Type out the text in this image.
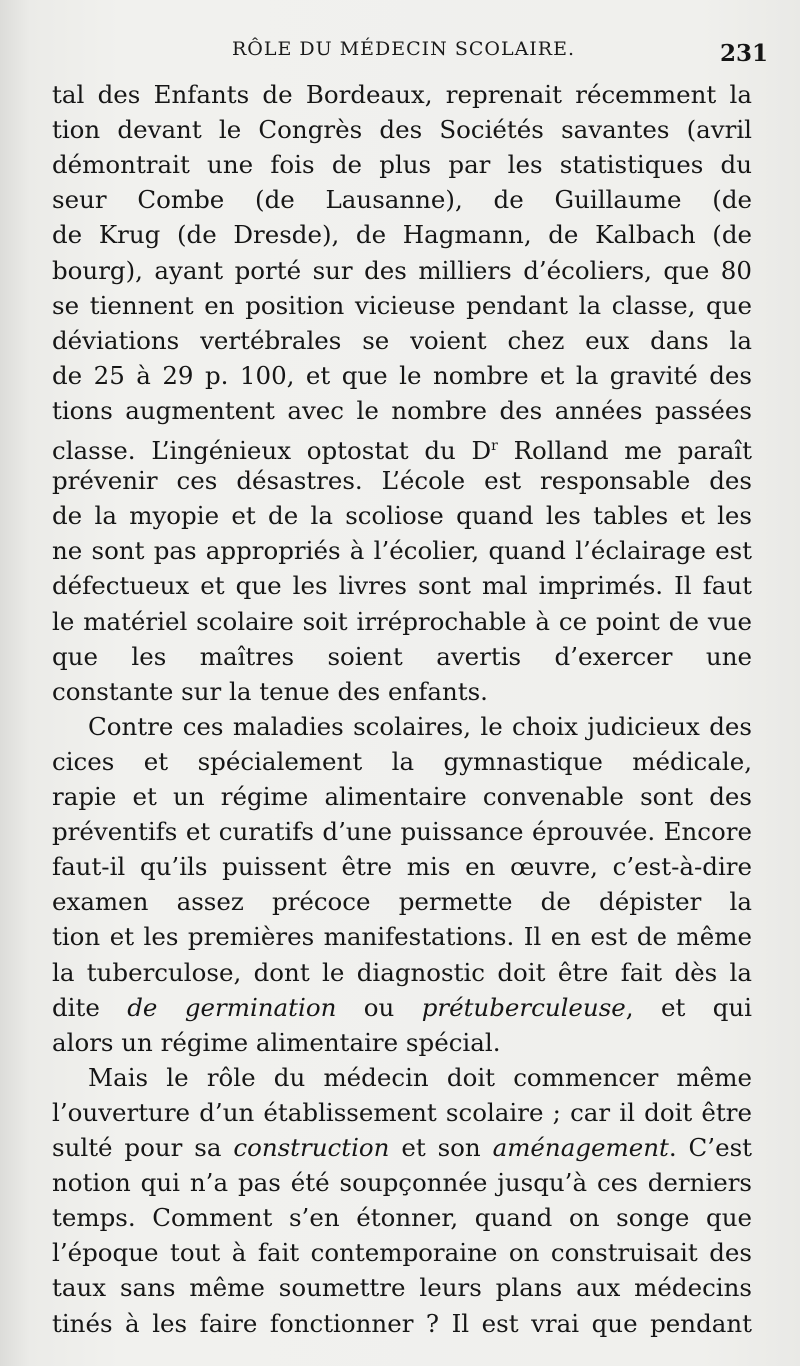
RÔLE DU MÉDECIN SCOLAIRE.	231
tal des Enfants de Bordeaux, reprenait récemment la
tion devant le Congrès des Sociétés savantes (avril
démontrait une fois de plus par les statistiques du
seur Combe (de Lausanne), de Guillaume (de
de Krug (de Dresde), de Hagmann, de Kalbach (de
bourg), ayant porté sur des milliers d’écoliers, que 80
se tiennent en position vicieuse pendant la classe, que
déviations vertébrales se voient chez eux dans la
de 25 à 29 p. 100, et que le nombre et la gravité des
tions augmentent avec le nombre des années passées
classe. L’ingénieux optostat du $D^r$ Rolland me paraît
prévenir ces désastres. L’école est responsable des
de la myopie et de la scoliose quand les tables et les
ne sont pas appropriés à l’écolier, quand l’éclairage est
défectueux et que les livres sont mal imprimés. Il faut
le matériel scolaire soit irréprochable à ce point de vue
que les maîtres soient avertis d’exercer une
constante sur la tenue des enfants.
Contre ces maladies scolaires, le choix judicieux des
cices et spécialement la gymnastique médicale,
rapie et un régime alimentaire convenable sont des
préventifs et curatifs d’une puissance éprouvée. Encore
faut-il qu’ils puissent être mis en œuvre, c’est-à-dire
examen assez précoce permette de dépister la
tion et les premières manifestations. Il en est de même
la tuberculose, dont le diagnostic doit être fait dès la
dite de germination ou prétuberculeuse, et qui
alors un régime alimentaire spécial.
Mais le rôle du médecin doit commencer même
l’ouverture d’un établissement scolaire ; car il doit être
sulté pour sa construction et son aménagement. C’est
notion qui n’a pas été soupçonnée jusqu’à ces derniers
temps. Comment s’en étonner, quand on songe que
l’époque tout à fait contemporaine on construisait des
taux sans même soumettre leurs plans aux médecins
tinés à les faire fonctionner ? Il est vrai que pendant
